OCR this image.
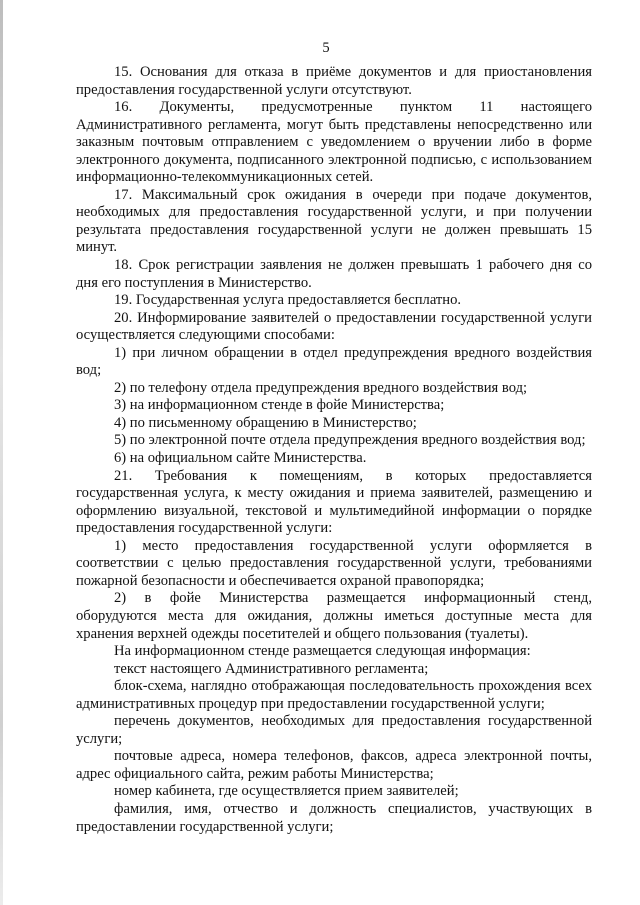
5

15. Основания для отказа в приёме документов и для приостановления предоставления государственной услуги отсутствуют.

16.      Документы,      предусмотренные      пунктом      11      настоящего Административного регламента, могут быть представлены непосредственно или заказным почтовым отправлением с уведомлением о вручении либо в форме электронного документа, подписанного электронной подписью, с использованием информационно-телекоммуникационных сетей.

17. Максимальный срок ожидания в очереди при подаче документов, необходимых для предоставления государственной услуги, и при получении результата предоставления государственной услуги не должен превышать 15 минут.

18. Срок регистрации заявления не должен превышать 1 рабочего дня со дня его поступления в Министерство.

19. Государственная услуга предоставляется бесплатно.

20. Информирование заявителей о предоставлении государственной услуги осуществляется следующими способами:

1) при личном обращении в отдел предупреждения вредного воздействия вод;

2) по телефону отдела предупреждения вредного воздействия вод;

3) на информационном стенде в фойе Министерства;

4) по письменному обращению в Министерство;

5) по электронной почте отдела предупреждения вредного воздействия вод;

6) на официальном сайте Министерства.

21.     Требования     к     помещениям,     в     которых     предоставляется государственная услуга, к месту ожидания и приема заявителей, размещению и оформлению визуальной, текстовой и мультимедийной информации о порядке предоставления государственной услуги:

1)   место   предоставления   государственной   услуги   оформляется   в соответствии с целью предоставления государственной услуги, требованиями пожарной безопасности и обеспечивается охраной правопорядка;

2)   в   фойе   Министерства   размещается   информационный   стенд, оборудуются места для ожидания, должны иметься доступные места для хранения верхней одежды посетителей и общего пользования (туалеты).

На информационном стенде размещается следующая информация:

текст настоящего Административного регламента;

блок-схема, наглядно отображающая последовательность прохождения всех административных процедур при предоставлении государственной услуги;

перечень документов, необходимых для предоставления государственной услуги;

почтовые адреса, номера телефонов, факсов, адреса электронной почты, адрес официального сайта, режим работы Министерства;

номер кабинета, где осуществляется прием заявителей;

фамилия, имя, отчество и должность специалистов, участвующих в предоставлении государственной услуги;
